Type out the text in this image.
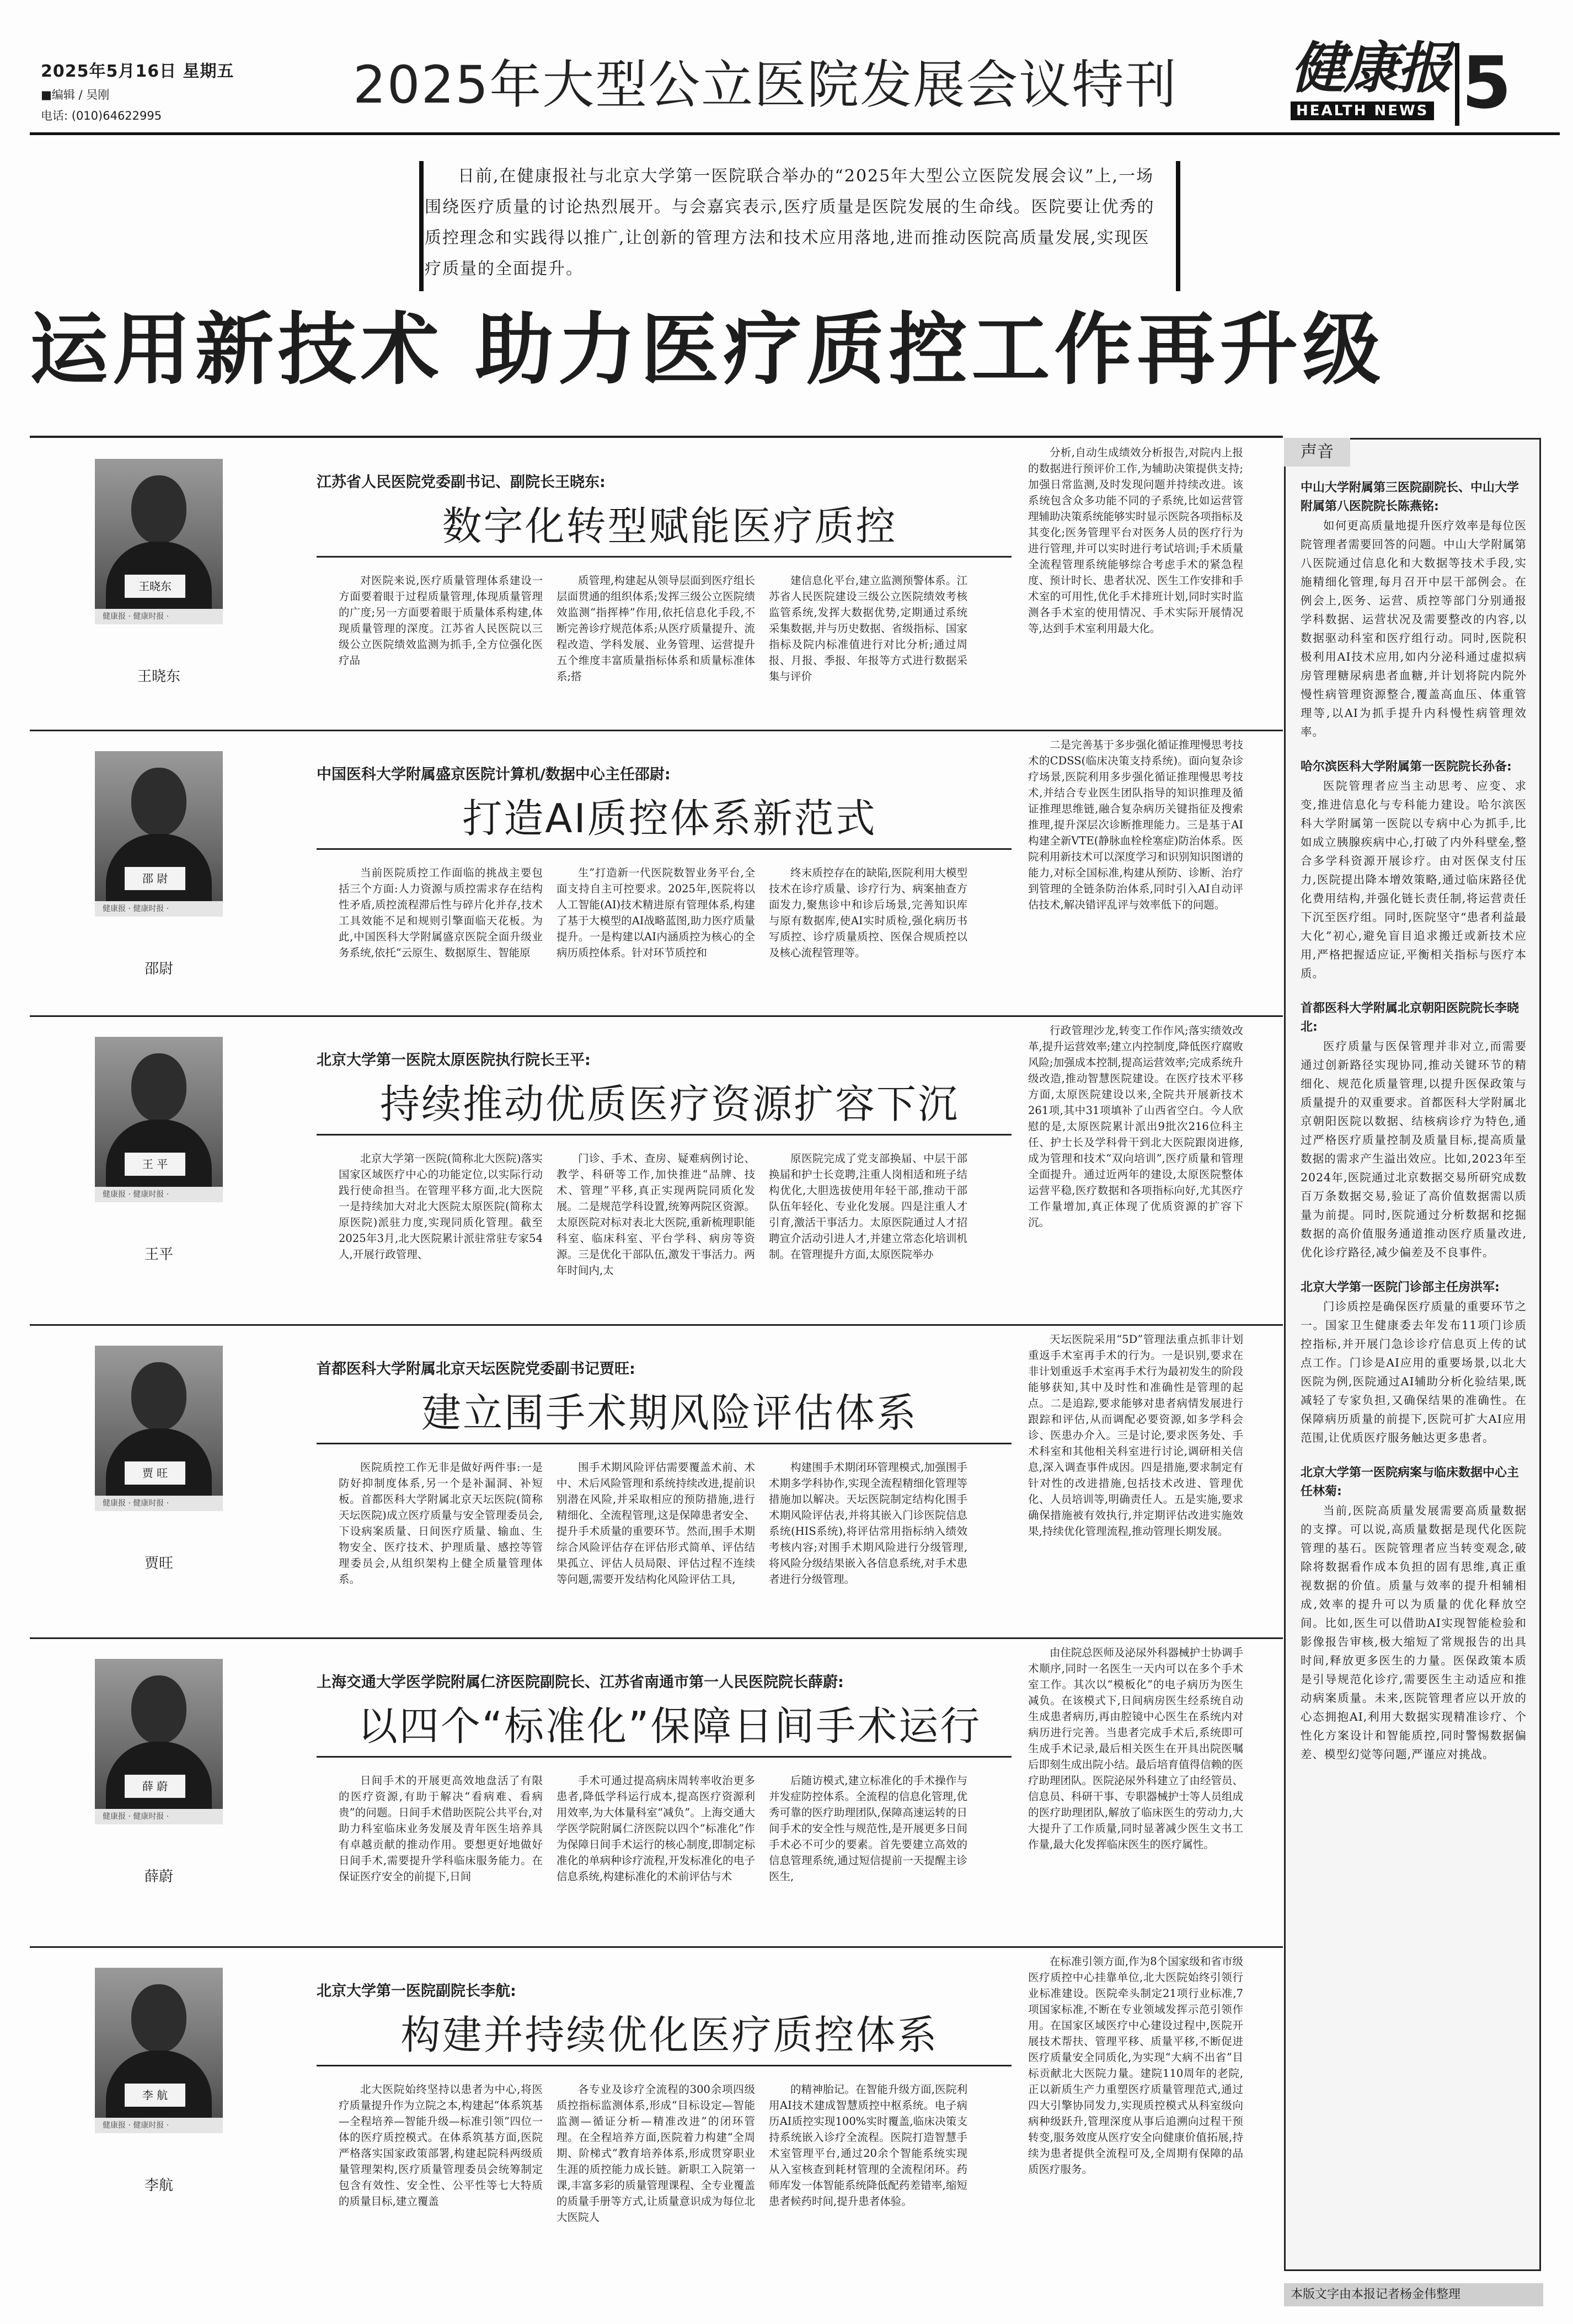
2025年5月16日 星期五
■编辑 / 吴刚
电话: (010)64622995
2025年大型公立医院发展会议特刊	健康报
HEALTH NEWS 5
日前,在健康报社与北京大学第一医院联合举办的“2025年大型公立医院发展会议”上,一场围绕医疗质量的讨论热烈展开。与会嘉宾表示,医疗质量是医院发展的生命线。医院要让优秀的质控理念和实践得以推广,让创新的管理方法和技术应用落地,进而推动医院高质量发展,实现医疗质量的全面提升。
运用新技术 助力医疗质控工作再升级
王晓东
健康报 · 健康时报 ·
王晓东
江苏省人民医院党委副书记、副院长王晓东:
数字化转型赋能医疗质控
对医院来说,医疗质量管理体系建设一方面要着眼于过程质量管理,体现质量管理的广度;另一方面要着眼于质量体系构建,体现质量管理的深度。江苏省人民医院以三级公立医院绩效监测为抓手,全方位强化医疗品
质管理,构建起从领导层面到医疗组长层面贯通的组织体系;发挥三级公立医院绩效监测“指挥棒”作用,依托信息化手段,不断完善诊疗规范体系;从医疗质量提升、流程改造、学科发展、业务管理、运营提升五个维度丰富质量指标体系和质量标准体系;搭
建信息化平台,建立监测预警体系。江苏省人民医院建设三级公立医院绩效考核监管系统,发挥大数据优势,定期通过系统采集数据,并与历史数据、省级指标、国家指标及院内标准值进行对比分析;通过周报、月报、季报、年报等方式进行数据采集与评价
分析,自动生成绩效分析报告,对院内上报的数据进行预评价工作,为辅助决策提供支持;加强日常监测,及时发现问题并持续改进。该系统包含众多功能不同的子系统,比如运营管理辅助决策系统能够实时显示医院各项指标及其变化;医务管理平台对医务人员的医疗行为进行管理,并可以实时进行考试培训;手术质量全流程管理系统能够综合考虑手术的紧急程度、预计时长、患者状况、医生工作安排和手术室的可用性,优化手术排班计划,同时实时监测各手术室的使用情况、手术实际开展情况等,达到手术室利用最大化。
邵 尉
健康报 · 健康时报 ·
邵尉
中国医科大学附属盛京医院计算机/数据中心主任邵尉:
打造AI质控体系新范式
当前医院质控工作面临的挑战主要包括三个方面:人力资源与质控需求存在结构性矛盾,质控流程滞后性与碎片化并存,技术工具效能不足和规则引擎面临天花板。为此,中国医科大学附属盛京医院全面升级业务系统,依托“云原生、数据原生、智能原
生”打造新一代医院数智业务平台,全面支持自主可控要求。2025年,医院将以人工智能(AI)技术精进原有管理体系,构建了基于大模型的AI战略蓝图,助力医疗质量提升。一是构建以AI内涵质控为核心的全病历质控体系。针对环节质控和
终末质控存在的缺陷,医院利用大模型技术在诊疗质量、诊疗行为、病案抽查方面发力,聚焦诊中和诊后场景,完善知识库与原有数据库,使AI实时质检,强化病历书写质控、诊疗质量质控、医保合规质控以及核心流程管理等。
二是完善基于多步强化循证推理慢思考技术的CDSS(临床决策支持系统)。面向复杂诊疗场景,医院利用多步强化循证推理慢思考技术,并结合专业医生团队指导的知识推理及循证推理思维链,融合复杂病历关键指征及搜索推理,提升深层次诊断推理能力。三是基于AI构建全新VTE(静脉血栓栓塞症)防治体系。医院利用新技术可以深度学习和识别知识图谱的能力,对标全国标准,构建从预防、诊断、治疗到管理的全链条防治体系,同时引入AI自动评估技术,解决错评乱评与效率低下的问题。
王 平
健康报 · 健康时报 ·
王平
北京大学第一医院太原医院执行院长王平:
持续推动优质医疗资源扩容下沉
北京大学第一医院(简称北大医院)落实国家区域医疗中心的功能定位,以实际行动践行使命担当。在管理平移方面,北大医院一是持续加大对北大医院太原医院(简称太原医院)派驻力度,实现同质化管理。截至2025年3月,北大医院累计派驻常驻专家54人,开展行政管理、
门诊、手术、查房、疑难病例讨论、教学、科研等工作,加快推进“品牌、技术、管理”平移,真正实现两院同质化发展。二是规范学科设置,统筹两院区资源。太原医院对标对表北大医院,重新梳理职能科室、临床科室、平台学科、病房等资源。三是优化干部队伍,激发干事活力。两年时间内,太
原医院完成了党支部换届、中层干部换届和护士长竞聘,注重人岗相适和班子结构优化,大胆选拔使用年轻干部,推动干部队伍年轻化、专业化发展。四是注重人才引育,激活干事活力。太原医院通过人才招聘宣介活动引进人才,并建立常态化培训机制。在管理提升方面,太原医院举办
行政管理沙龙,转变工作作风;落实绩效改革,提升运营效率;建立内控制度,降低医疗腐败风险;加强成本控制,提高运营效率;完成系统升级改造,推动智慧医院建设。在医疗技术平移方面,太原医院建设以来,全院共开展新技术261项,其中31项填补了山西省空白。今人欣慰的是,太原医院累计派出9批次216位科主任、护士长及学科骨干到北大医院跟岗进修,成为管理和技术“双向培训”,医疗质量和管理全面提升。通过近两年的建设,太原医院整体运营平稳,医疗数据和各项指标向好,尤其医疗工作量增加,真正体现了优质资源的扩容下沉。
贾 旺
健康报 · 健康时报 ·
贾旺
首都医科大学附属北京天坛医院党委副书记贾旺:
建立围手术期风险评估体系
医院质控工作无非是做好两件事:一是防好抑制度体系,另一个是补漏洞、补短板。首都医科大学附属北京天坛医院(简称天坛医院)成立医疗质量与安全管理委员会,下设病案质量、日间医疗质量、输血、生物安全、医疗技术、护理质量、感控等管理委员会,从组织架构上健全质量管理体系。
围手术期风险评估需要覆盖术前、术中、术后风险管理和系统持续改进,提前识别潜在风险,并采取相应的预防措施,进行精细化、全流程管理,这是保障患者安全、提升手术质量的重要环节。然而,围手术期综合风险评估存在评估形式简单、评估结果孤立、评估人员局限、评估过程不连续等问题,需要开发结构化风险评估工具,
构建围手术期闭环管理模式,加强围手术期多学科协作,实现全流程精细化管理等措施加以解决。天坛医院制定结构化围手术期风险评估表,并将其嵌入门诊医院信息系统(HIS系统),将评估常用指标纳入绩效考核内容;对围手术期风险进行分级管理,将风险分级结果嵌入各信息系统,对手术患者进行分级管理。
天坛医院采用“5D”管理法重点抓非计划重返手术室再手术的行为。一是识别,要求在非计划重返手术室再手术行为最初发生的阶段能够获知,其中及时性和准确性是管理的起点。二是追踪,要求能够对患者病情发展进行跟踪和评估,从而调配必要资源,如多学科会诊、医患办介入。三是讨论,要求医务处、手术科室和其他相关科室进行讨论,调研相关信息,深入调查事件成因。四是措施,要求制定有针对性的改进措施,包括技术改进、管理优化、人员培训等,明确责任人。五是实施,要求确保措施被有效执行,并定期评估改进实施效果,持续优化管理流程,推动管理长期发展。
薛 蔚
健康报 · 健康时报 ·
薛蔚
上海交通大学医学院附属仁济医院副院长、江苏省南通市第一人民医院院长薛蔚:
以四个“标准化”保障日间手术运行
日间手术的开展更高效地盘活了有限的医疗资源,有助于解决“看病难、看病贵”的问题。日间手术借助医院公共平台,对助力科室临床业务发展及青年医生培养具有卓越贡献的推动作用。要想更好地做好日间手术,需要提升学科临床服务能力。在保证医疗安全的前提下,日间
手术可通过提高病床周转率收治更多患者,降低学科运行成本,提高医疗资源利用效率,为大体量科室“减负”。上海交通大学医学院附属仁济医院以四个“标准化”作为保障日间手术运行的核心制度,即制定标准化的单病种诊疗流程,开发标准化的电子信息系统,构建标准化的术前评估与术
后随访模式,建立标准化的手术操作与并发症防控体系。全流程的信息化管理,优秀可靠的医疗助理团队,保障高速运转的日间手术的安全性与规范性,是开展更多日间手术必不可少的要素。首先要建立高效的信息管理系统,通过短信提前一天提醒主诊医生,
由住院总医师及泌尿外科器械护士协调手术顺序,同时一名医生一天内可以在多个手术室工作。其次以“模板化”的电子病历为医生减负。在该模式下,日间病房医生经系统自动生成患者病历,再由腔镜中心医生在系统内对病历进行完善。当患者完成手术后,系统即可生成手术记录,最后相关医生在开具出院医嘱后即刻生成出院小结。最后培育值得信赖的医疗助理团队。医院泌尿外科建立了由经管员、信息员、科研干事、专职器械护士等人员组成的医疗助理团队,解放了临床医生的劳动力,大大提升了工作质量,同时显著减少医生文书工作量,最大化发挥临床医生的医疗属性。
李 航
健康报 · 健康时报 ·
李航
北京大学第一医院副院长李航:
构建并持续优化医疗质控体系
北大医院始终坚持以患者为中心,将医疗质量提升作为立院之本,构建起“体系筑基—全程培养—智能升级—标准引领”四位一体的医疗质控模式。在体系筑基方面,医院严格落实国家政策部署,构建起院科两级质量管理架构,医疗质量管理委员会统筹制定包含有效性、安全性、公平性等七大特质的质量目标,建立覆盖
各专业及诊疗全流程的300余项四级质控指标监测体系,形成“目标设定—智能监测—循证分析—精准改进”的闭环管理。在全程培养方面,医院着力构建“全周期、阶梯式”教育培养体系,形成贯穿职业生涯的质控能力成长链。新职工入院第一课,丰富多彩的质量管理课程、全专业覆盖的质量手册等方式,让质量意识成为每位北大医院人
的精神胎记。在智能升级方面,医院利用AI技术建成智慧质控中枢系统。电子病历AI质控实现100%实时覆盖,临床决策支持系统嵌入诊疗全流程。医院打造智慧手术室管理平台,通过20余个智能系统实现从入室核查到耗材管理的全流程闭环。药师库发一体智能系统降低配药差错率,缩短患者候药时间,提升患者体验。
在标准引领方面,作为8个国家级和省市级医疗质控中心挂靠单位,北大医院始终引领行业标准建设。医院牵头制定21项行业标准,7项国家标准,不断在专业领域发挥示范引领作用。在国家区域医疗中心建设过程中,医院开展技术帮扶、管理平移、质量平移,不断促进医疗质量安全同质化,为实现“大病不出省”目标贡献北大医院力量。建院110周年的老院,正以新质生产力重塑医疗质量管理范式,通过四大引擎协同发力,实现质控模式从科室级向病种级跃升,管理深度从事后追溯向过程干预转变,服务效度从医疗安全向健康价值拓展,持续为患者提供全流程可及,全周期有保障的品质医疗服务。
声音
中山大学附属第三医院副院长、中山大学附属第八医院院长陈燕铭:
如何更高质量地提升医疗效率是每位医院管理者需要回答的问题。中山大学附属第八医院通过信息化和大数据等技术手段,实施精细化管理,每月召开中层干部例会。在例会上,医务、运营、质控等部门分别通报学科数据、运营状况及需要整改的内容,以数据驱动科室和医疗组行动。同时,医院积极利用AI技术应用,如内分泌科通过虚拟病房管理糖尿病患者血糖,并计划将院内院外慢性病管理资源整合,覆盖高血压、体重管理等,以AI为抓手提升内科慢性病管理效率。
哈尔滨医科大学附属第一医院院长孙备:
医院管理者应当主动思考、应变、求变,推进信息化与专科能力建设。哈尔滨医科大学附属第一医院以专病中心为抓手,比如成立胰腺疾病中心,打破了内外科壁垒,整合多学科资源开展诊疗。由对医保支付压力,医院提出降本增效策略,通过临床路径优化费用结构,并强化链长责任制,将运营责任下沉至医疗组。同时,医院坚守“患者利益最大化”初心,避免盲目追求搬迁或新技术应用,严格把握适应证,平衡相关指标与医疗本质。
首都医科大学附属北京朝阳医院院长李晓北:
医疗质量与医保管理并非对立,而需要通过创新路径实现协同,推动关键环节的精细化、规范化质量管理,以提升医保政策与质量提升的双重要求。首都医科大学附属北京朝阳医院以数据、结核病诊疗为特色,通过严格医疗质量控制及质量目标,提高质量数据的需求产生溢出效应。比如,2023年至2024年,医院通过北京数据交易所研究成数百万条数据交易,验证了高价值数据需以质量为前提。同时,医院通过分析数据和挖掘数据的高价值服务通道推动医疗质量改进,优化诊疗路径,减少偏差及不良事件。
北京大学第一医院门诊部主任房洪军:
门诊质控是确保医疗质量的重要环节之一。国家卫生健康委去年发布11项门诊质控指标,并开展门急诊诊疗信息页上传的试点工作。门诊是AI应用的重要场景,以北大医院为例,医院通过AI辅助分析化验结果,既减轻了专家负担,又确保结果的准确性。在保障病历质量的前提下,医院可扩大AI应用范围,让优质医疗服务触达更多患者。
北京大学第一医院病案与临床数据中心主任林菊:
当前,医院高质量发展需要高质量数据的支撑。可以说,高质量数据是现代化医院管理的基石。医院管理者应当转变观念,破除将数据看作成本负担的固有思维,真正重视数据的价值。质量与效率的提升相辅相成,效率的提升可以为质量的优化释放空间。比如,医生可以借助AI实现智能检验和影像报告审核,极大缩短了常规报告的出具时间,释放更多医生的力量。医保政策本质是引导规范化诊疗,需要医生主动适应和推动病案质量。未来,医院管理者应以开放的心态拥抱AI,利用大数据实现精准诊疗、个性化方案设计和智能质控,同时警惕数据偏差、模型幻觉等问题,严谨应对挑战。
本版文字由本报记者杨金伟整理
